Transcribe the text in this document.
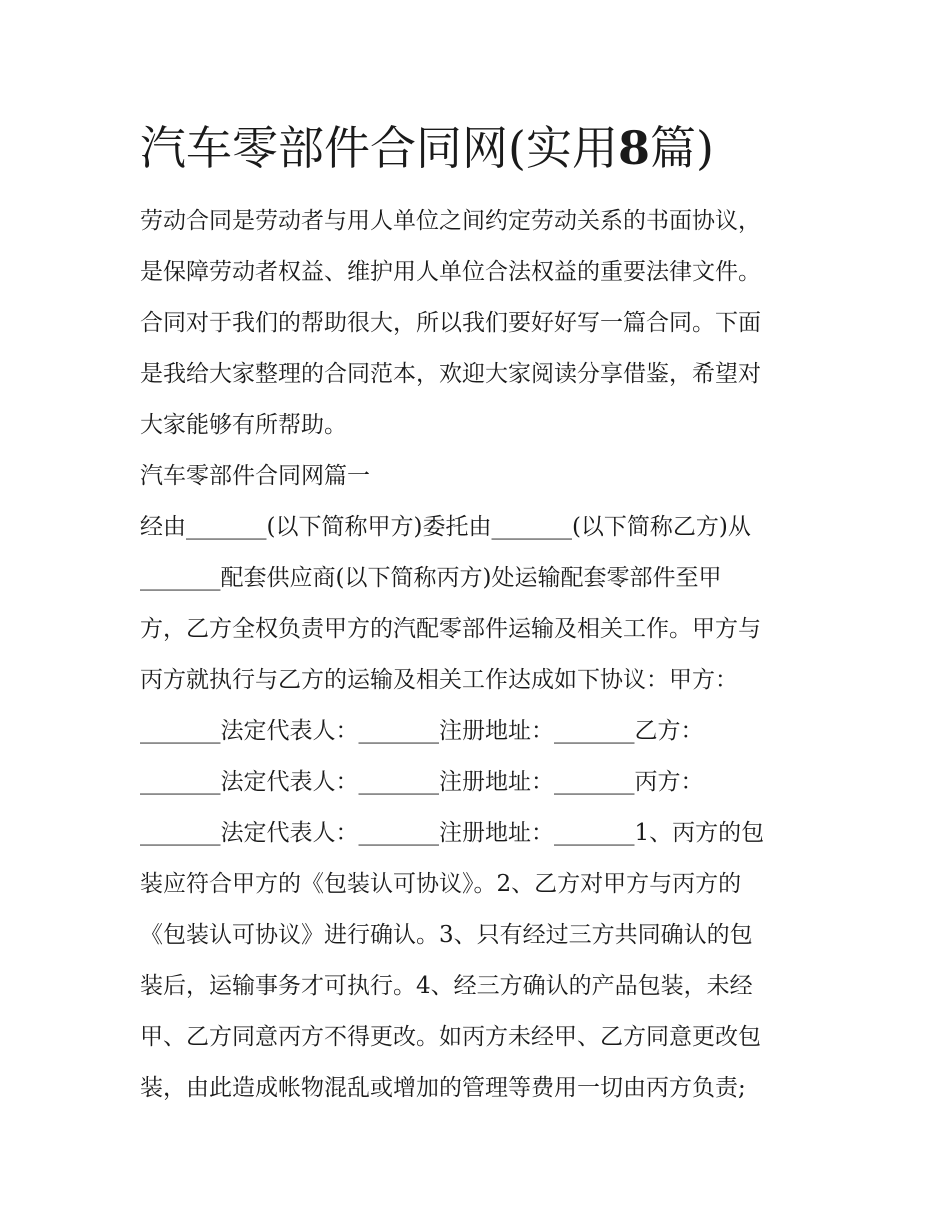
汽车零部件合同网(实用8篇)

劳动合同是劳动者与用人单位之间约定劳动关系的书面协议，

是保障劳动者权益、维护用人单位合法权益的重要法律文件。

合同对于我们的帮助很大，所以我们要好好写一篇合同。下面

是我给大家整理的合同范本，欢迎大家阅读分享借鉴，希望对

大家能够有所帮助。

汽车零部件合同网篇一

经由_______(以下简称甲方)委托由_______(以下简称乙方)从

_______配套供应商(以下简称丙方)处运输配套零部件至甲

方，乙方全权负责甲方的汽配零部件运输及相关工作。甲方与

丙方就执行与乙方的运输及相关工作达成如下协议：甲方：

_______法定代表人：_______注册地址：_______乙方：

_______法定代表人：_______注册地址：_______丙方：

_______法定代表人：_______注册地址：_______1、丙方的包

装应符合甲方的《包装认可协议》。2、乙方对甲方与丙方的

《包装认可协议》进行确认。3、只有经过三方共同确认的包

装后，运输事务才可执行。4、经三方确认的产品包装，未经

甲、乙方同意丙方不得更改。如丙方未经甲、乙方同意更改包

装，由此造成帐物混乱或增加的管理等费用一切由丙方负责;
